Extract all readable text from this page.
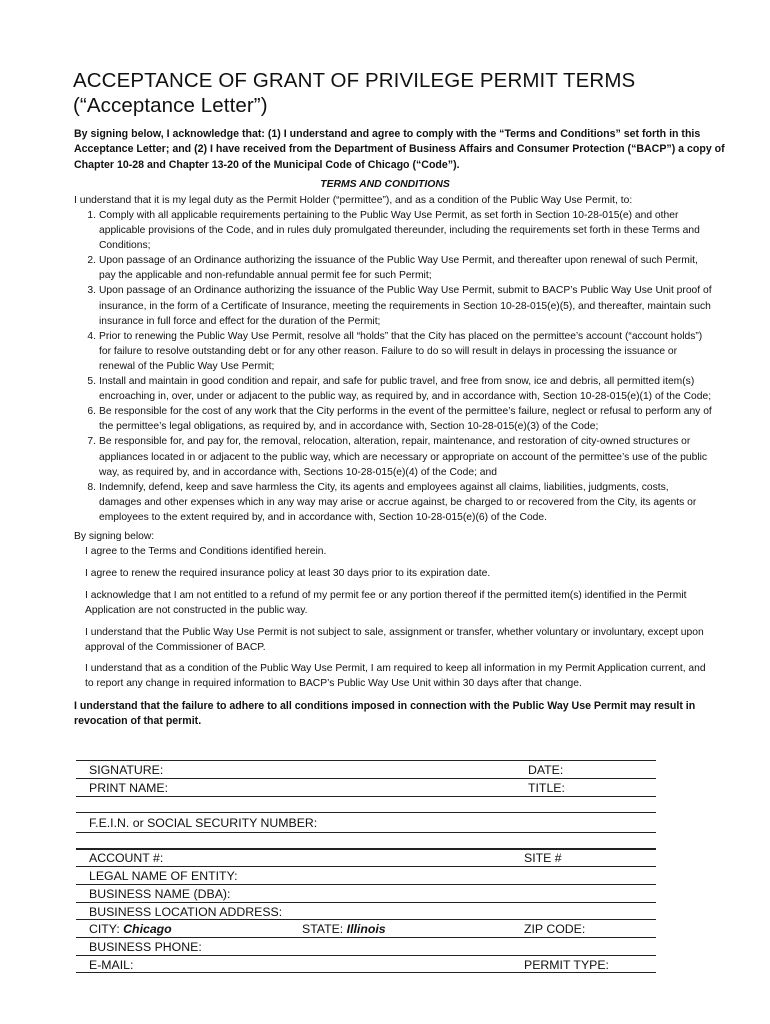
ACCEPTANCE OF GRANT OF PRIVILEGE PERMIT TERMS
(“Acceptance Letter”)
By signing below, I acknowledge that: (1) I understand and agree to comply with the “Terms and Conditions” set forth in this
Acceptance Letter; and (2) I have received from the Department of Business Affairs and Consumer Protection (“BACP”) a copy of
Chapter 10-28 and Chapter 13-20 of the Municipal Code of Chicago (“Code”).
TERMS AND CONDITIONS
I understand that it is my legal duty as the Permit Holder (“permittee”), and as a condition of the Public Way Use Permit, to:
1. Comply with all applicable requirements pertaining to the Public Way Use Permit, as set forth in Section 10-28-015(e) and other
applicable provisions of the Code, and in rules duly promulgated thereunder, including the requirements set forth in these Terms and
Conditions;
2. Upon passage of an Ordinance authorizing the issuance of the Public Way Use Permit, and thereafter upon renewal of such Permit,
pay the applicable and non-refundable annual permit fee for such Permit;
3. Upon passage of an Ordinance authorizing the issuance of the Public Way Use Permit, submit to BACP’s Public Way Use Unit proof of
insurance, in the form of a Certificate of Insurance, meeting the requirements in Section 10-28-015(e)(5), and thereafter, maintain such
insurance in full force and effect for the duration of the Permit;
4. Prior to renewing the Public Way Use Permit, resolve all “holds” that the City has placed on the permittee’s account (“account holds”)
for failure to resolve outstanding debt or for any other reason. Failure to do so will result in delays in processing the issuance or
renewal of the Public Way Use Permit;
5. Install and maintain in good condition and repair, and safe for public travel, and free from snow, ice and debris, all permitted item(s)
encroaching in, over, under or adjacent to the public way, as required by, and in accordance with, Section 10-28-015(e)(1) of the Code;
6. Be responsible for the cost of any work that the City performs in the event of the permittee’s failure, neglect or refusal to perform any of
the permittee’s legal obligations, as required by, and in accordance with, Section 10-28-015(e)(3) of the Code;
7. Be responsible for, and pay for, the removal, relocation, alteration, repair, maintenance, and restoration of city-owned structures or
appliances located in or adjacent to the public way, which are necessary or appropriate on account of the permittee’s use of the public
way, as required by, and in accordance with, Sections 10-28-015(e)(4) of the Code; and
8. Indemnify, defend, keep and save harmless the City, its agents and employees against all claims, liabilities, judgments, costs,
damages and other expenses which in any way may arise or accrue against, be charged to or recovered from the City, its agents or
employees to the extent required by, and in accordance with, Section 10-28-015(e)(6) of the Code.
By signing below:
I agree to the Terms and Conditions identified herein.
I agree to renew the required insurance policy at least 30 days prior to its expiration date.
I acknowledge that I am not entitled to a refund of my permit fee or any portion thereof if the permitted item(s) identified in the Permit
Application are not constructed in the public way.
I understand that the Public Way Use Permit is not subject to sale, assignment or transfer, whether voluntary or involuntary, except upon
approval of the Commissioner of BACP.
I understand that as a condition of the Public Way Use Permit, I am required to keep all information in my Permit Application current, and
to report any change in required information to BACP’s Public Way Use Unit within 30 days after that change.
I understand that the failure to adhere to all conditions imposed in connection with the Public Way Use Permit may result in
revocation of that permit.
SIGNATURE:	DATE:
PRINT NAME:	TITLE:
F.E.I.N. or SOCIAL SECURITY NUMBER:
ACCOUNT #:	SITE #
LEGAL NAME OF ENTITY:
BUSINESS NAME (DBA):
BUSINESS LOCATION ADDRESS:
CITY: Chicago	STATE: Illinois	ZIP CODE:
BUSINESS PHONE:
E-MAIL:	PERMIT TYPE:
